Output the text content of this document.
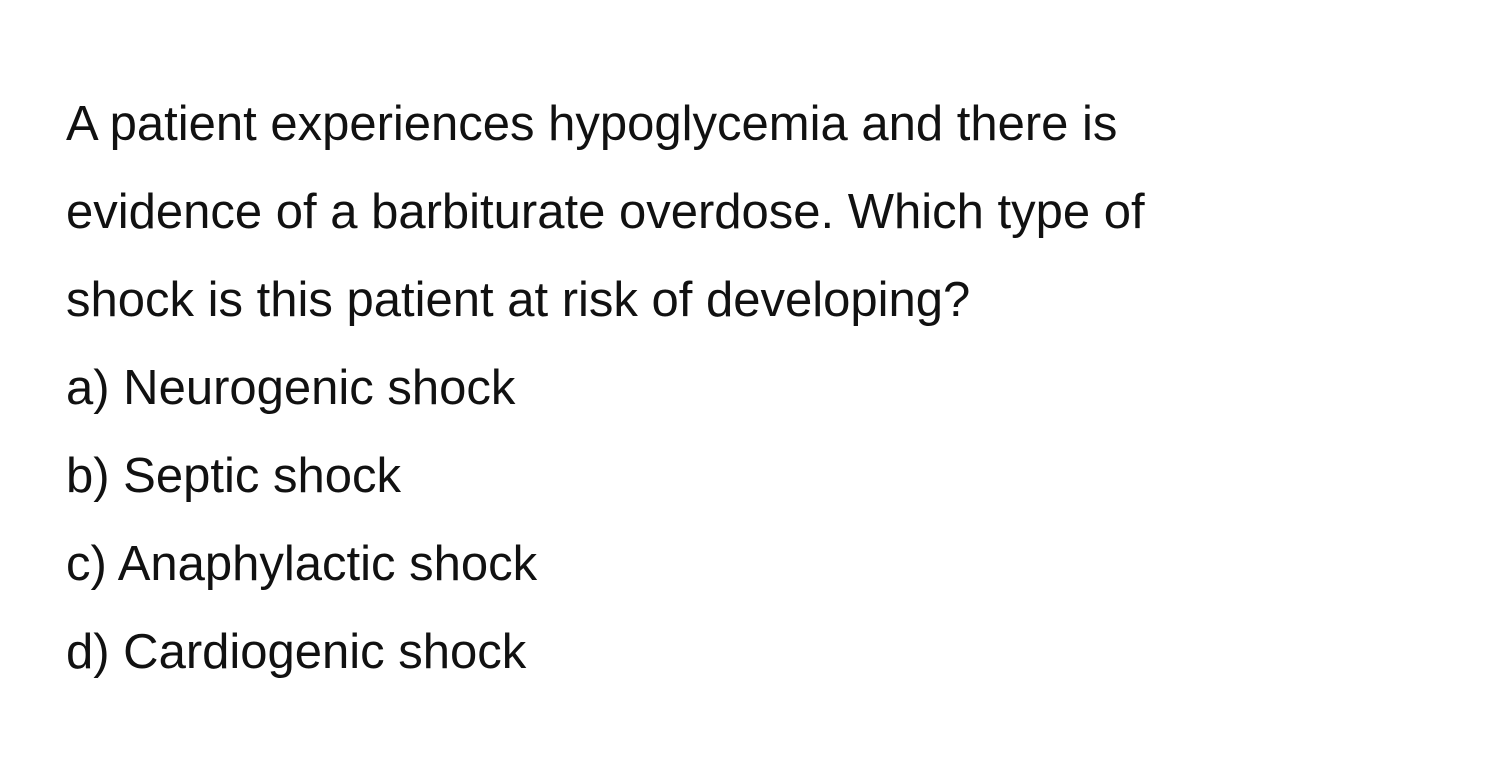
A patient experiences hypoglycemia and there is
evidence of a barbiturate overdose. Which type of
shock is this patient at risk of developing?
a) Neurogenic shock
b) Septic shock
c) Anaphylactic shock
d) Cardiogenic shock
